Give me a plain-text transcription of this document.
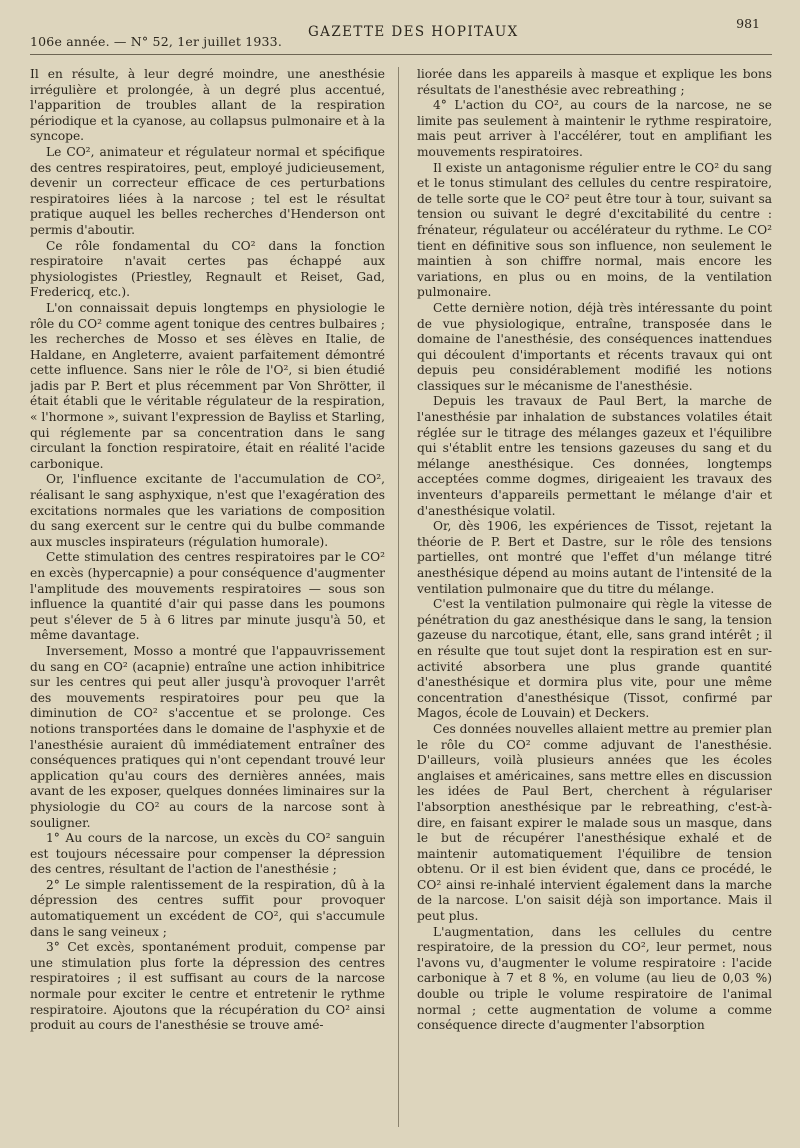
106e année. — N° 52, 1er juillet 1933.
GAZETTE DES HOPITAUX
981

Il en résulte, à leur degré moindre, une anesthésie irrégulière et prolongée, à un degré plus accentué, l'apparition de troubles allant de la respiration périodique et la cyanose, au collapsus pulmonaire et à la syncope.

Le CO², animateur et régulateur normal et spécifique des centres respiratoires, peut, employé judicieusement, devenir un correcteur efficace de ces perturbations respiratoires liées à la narcose ; tel est le résultat pratique auquel les belles recherches d'Henderson ont permis d'aboutir.

Ce rôle fondamental du CO² dans la fonction respiratoire n'avait certes pas échappé aux physiologistes (Priestley, Regnault et Reiset, Gad, Fredericq, etc.).

L'on connaissait depuis longtemps en physiologie le rôle du CO² comme agent tonique des centres bulbaires ; les recherches de Mosso et ses élèves en Italie, de Haldane, en Angleterre, avaient parfaitement démontré cette influence. Sans nier le rôle de l'O², si bien étudié jadis par P. Bert et plus récemment par Von Shrötter, il était établi que le véritable régulateur de la respiration, « l'hormone », suivant l'expression de Bayliss et Starling, qui réglemente par sa concentration dans le sang circulant la fonction respiratoire, était en réalité l'acide carbonique.

Or, l'influence excitante de l'accumulation de CO², réalisant le sang asphyxique, n'est que l'exagération des excitations normales que les variations de composition du sang exercent sur le centre qui du bulbe commande aux muscles inspirateurs (régulation humorale).

Cette stimulation des centres respiratoires par le CO² en excès (hypercapnie) a pour conséquence d'augmenter l'amplitude des mouvements respiratoires — sous son influence la quantité d'air qui passe dans les poumons peut s'élever de 5 à 6 litres par minute jusqu'à 50, et même davantage.

Inversement, Mosso a montré que l'appauvrissement du sang en CO² (acapnie) entraîne une action inhibitrice sur les centres qui peut aller jusqu'à provoquer l'arrêt des mouvements respiratoires pour peu que la diminution de CO² s'accentue et se prolonge. Ces notions transportées dans le domaine de l'asphyxie et de l'anesthésie auraient dû immédiatement entraîner des conséquences pratiques qui n'ont cependant trouvé leur application qu'au cours des dernières années, mais avant de les exposer, quelques données liminaires sur la physiologie du CO² au cours de la narcose sont à souligner.

1° Au cours de la narcose, un excès du CO² sanguin est toujours nécessaire pour compenser la dépression des centres, résultant de l'action de l'anesthésie ;

2° Le simple ralentissement de la respiration, dû à la dépression des centres suffit pour provoquer automatiquement un excédent de CO², qui s'accumule dans le sang veineux ;

3° Cet excès, spontanément produit, compense par une stimulation plus forte la dépression des centres respiratoires ; il est suffisant au cours de la narcose normale pour exciter le centre et entretenir le rythme respiratoire. Ajoutons que la récupération du CO² ainsi produit au cours de l'anesthésie se trouve amé-

liorée dans les appareils à masque et explique les bons résultats de l'anesthésie avec rebreathing ;

4° L'action du CO², au cours de la narcose, ne se limite pas seulement à maintenir le rythme respiratoire, mais peut arriver à l'accélérer, tout en amplifiant les mouvements respiratoires.

Il existe un antagonisme régulier entre le CO² du sang et le tonus stimulant des cellules du centre respiratoire, de telle sorte que le CO² peut être tour à tour, suivant sa tension ou suivant le degré d'excitabilité du centre : frénateur, régulateur ou accélérateur du rythme. Le CO² tient en définitive sous son influence, non seulement le maintien à son chiffre normal, mais encore les variations, en plus ou en moins, de la ventilation pulmonaire.

Cette dernière notion, déjà très intéressante du point de vue physiologique, entraîne, transposée dans le domaine de l'anesthésie, des conséquences inattendues qui découlent d'importants et récents travaux qui ont depuis peu considérablement modifié les notions classiques sur le mécanisme de l'anesthésie.

Depuis les travaux de Paul Bert, la marche de l'anesthésie par inhalation de substances volatiles était réglée sur le titrage des mélanges gazeux et l'équilibre qui s'établit entre les tensions gazeuses du sang et du mélange anesthésique. Ces données, longtemps acceptées comme dogmes, dirigeaient les travaux des inventeurs d'appareils permettant le mélange d'air et d'anesthésique volatil.

Or, dès 1906, les expériences de Tissot, rejetant la théorie de P. Bert et Dastre, sur le rôle des tensions partielles, ont montré que l'effet d'un mélange titré anesthésique dépend au moins autant de l'intensité de la ventilation pulmonaire que du titre du mélange.

C'est la ventilation pulmonaire qui règle la vitesse de pénétration du gaz anesthésique dans le sang, la tension gazeuse du narcotique, étant, elle, sans grand intérêt ; il en résulte que tout sujet dont la respiration est en sur-activité absorbera une plus grande quantité d'anesthésique et dormira plus vite, pour une même concentration d'anesthésique (Tissot, confirmé par Magos, école de Louvain) et Deckers.

Ces données nouvelles allaient mettre au premier plan le rôle du CO² comme adjuvant de l'anesthésie. D'ailleurs, voilà plusieurs années que les écoles anglaises et américaines, sans mettre elles en discussion les idées de Paul Bert, cherchent à régulariser l'absorption anesthésique par le rebreathing, c'est-à-dire, en faisant expirer le malade sous un masque, dans le but de récupérer l'anesthésique exhalé et de maintenir automatiquement l'équilibre de tension obtenu. Or il est bien évident que, dans ce procédé, le CO² ainsi re-inhalé intervient également dans la marche de la narcose. L'on saisit déjà son importance. Mais il peut plus.

L'augmentation, dans les cellules du centre respiratoire, de la pression du CO², leur permet, nous l'avons vu, d'augmenter le volume respiratoire : l'acide carbonique à 7 et 8 %, en volume (au lieu de 0,03 %) double ou triple le volume respiratoire de l'animal normal ; cette augmentation de volume a comme conséquence directe d'augmenter l'absorption
